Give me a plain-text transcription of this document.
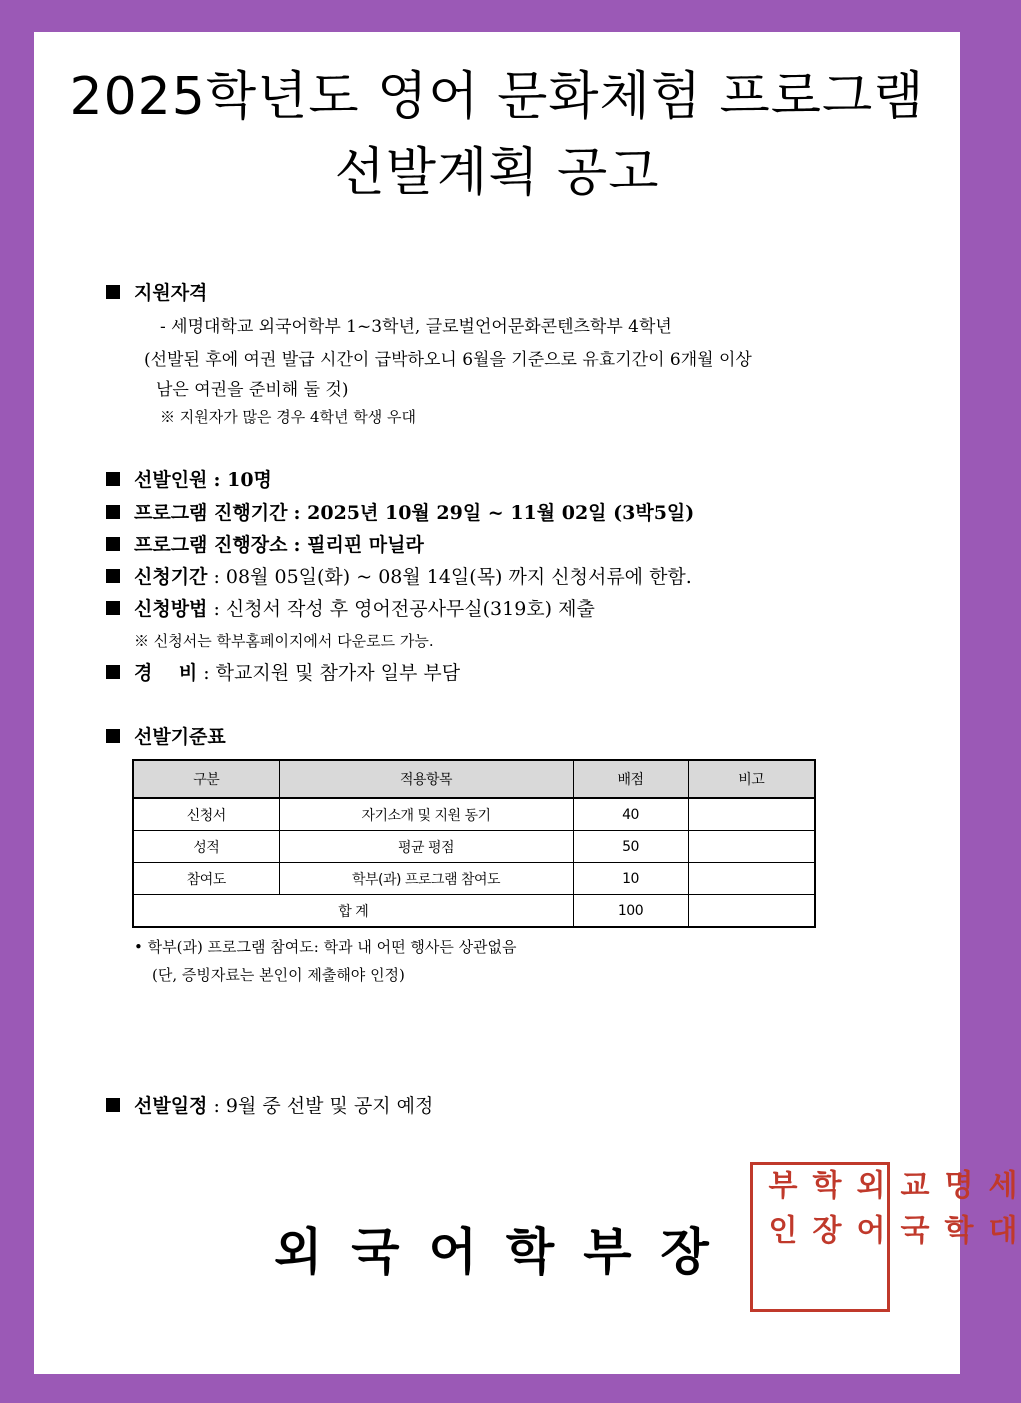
2025학년도 영어 문화체험 프로그램
선발계획 공고
지원자격
- 세명대학교 외국어학부 1~3학년, 글로벌언어문화콘텐츠학부 4학년
(선발된 후에 여권 발급 시간이 급박하오니 6월을 기준으로 유효기간이 6개월 이상
남은 여권을 준비해 둘 것)
※ 지원자가 많은 경우 4학년 학생 우대
선발인원 : 10명
프로그램 진행기간 : 2025년 10월 29일 ~ 11월 02일 (3박5일)
프로그램 진행장소 : 필리핀 마닐라
신청기간 : 08월 05일(화) ~ 08월 14일(목) 까지 신청서류에 한함.
신청방법 : 신청서 작성 후 영어전공사무실(319호) 제출
※ 신청서는 학부홈페이지에서 다운로드 가능.
경    비 : 학교지원 및 참가자 일부 부담
선발기준표
구분	적용항목	배점	비고
신청서	자기소개 및 지원 동기	40	
성적	평균 평점	50	
참여도	학부(과) 프로그램 참여도	10	
합 계		100	
• 학부(과) 프로그램 참여도: 학과 내 어떤 행사든 상관없음
(단, 증빙자료는 본인이 제출해야 인정)
선발일정 : 9월 중 선발 및 공지 예정
외국어학부장
학부	교외	세명
장인	국어	대학
